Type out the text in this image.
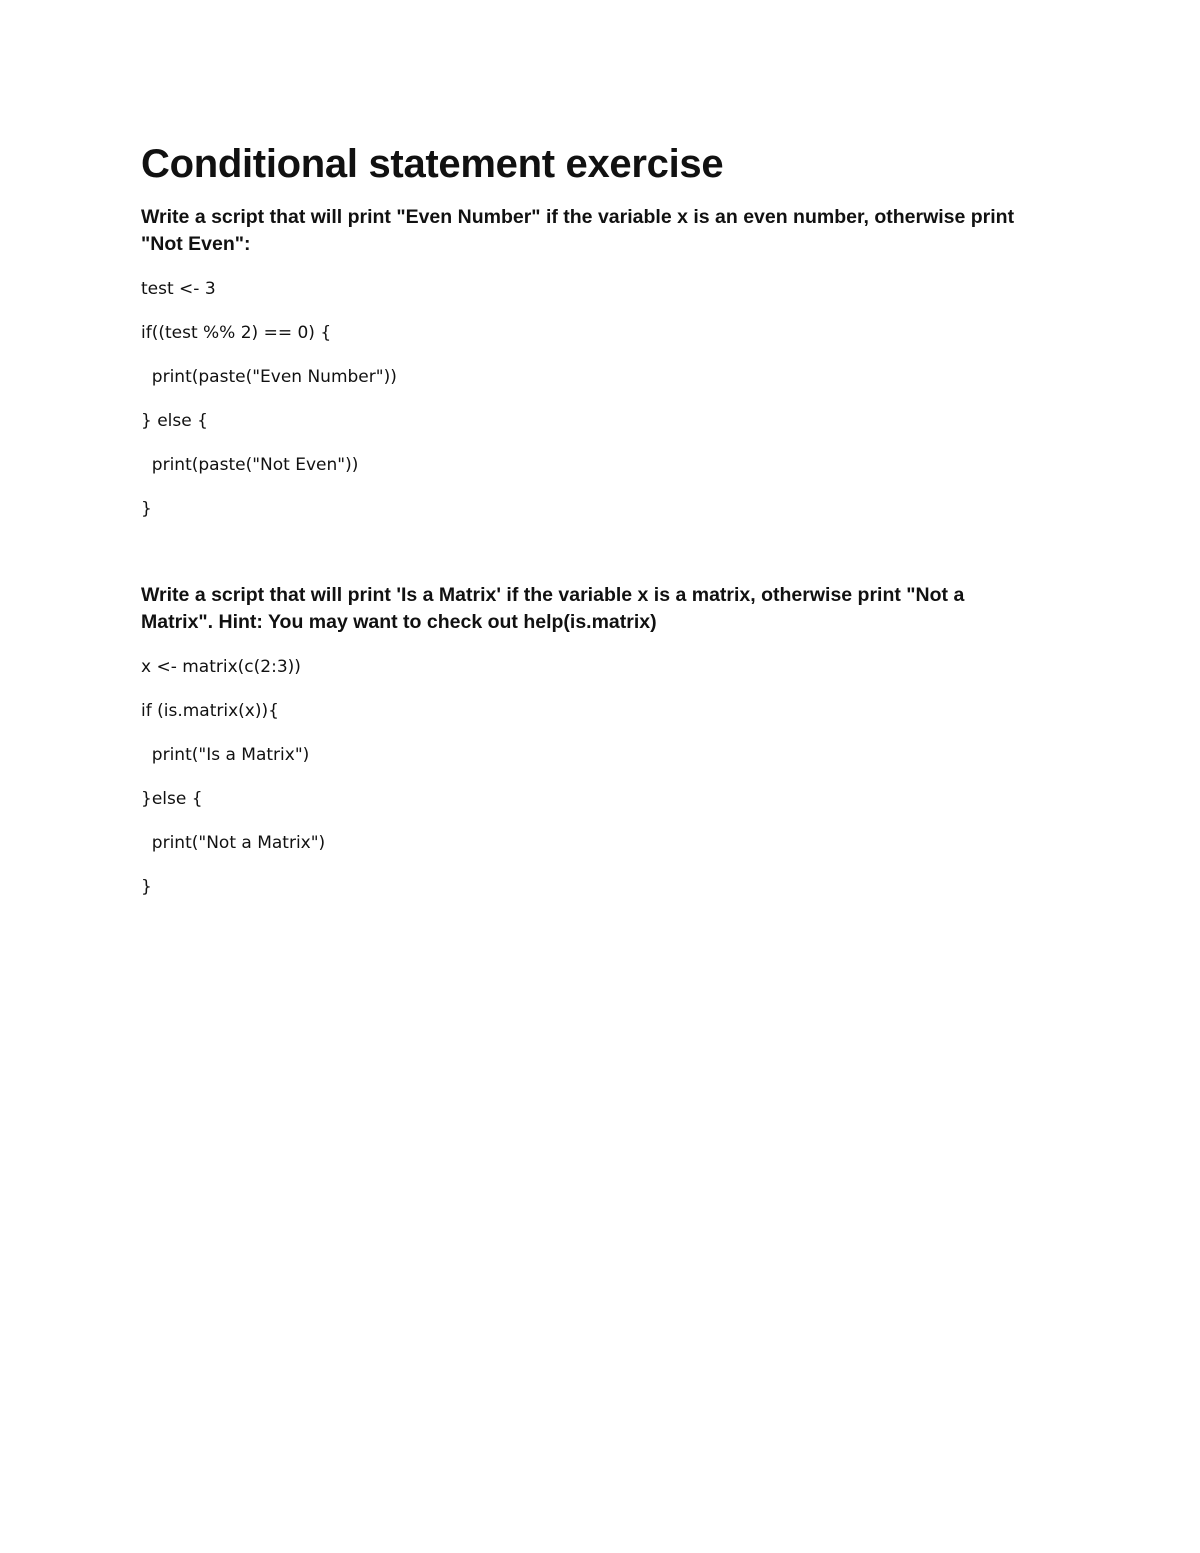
Conditional statement exercise

Write a script that will print "Even Number" if the variable x is an even number, otherwise print "Not Even":

test <- 3
if((test %% 2) == 0) {
print(paste("Even Number"))
} else {
print(paste("Not Even"))
}

Write a script that will print 'Is a Matrix' if the variable x is a matrix, otherwise print "Not a Matrix". Hint: You may want to check out help(is.matrix)

x <- matrix(c(2:3))
if (is.matrix(x)){
print("Is a Matrix")
}else {
print("Not a Matrix")
}
